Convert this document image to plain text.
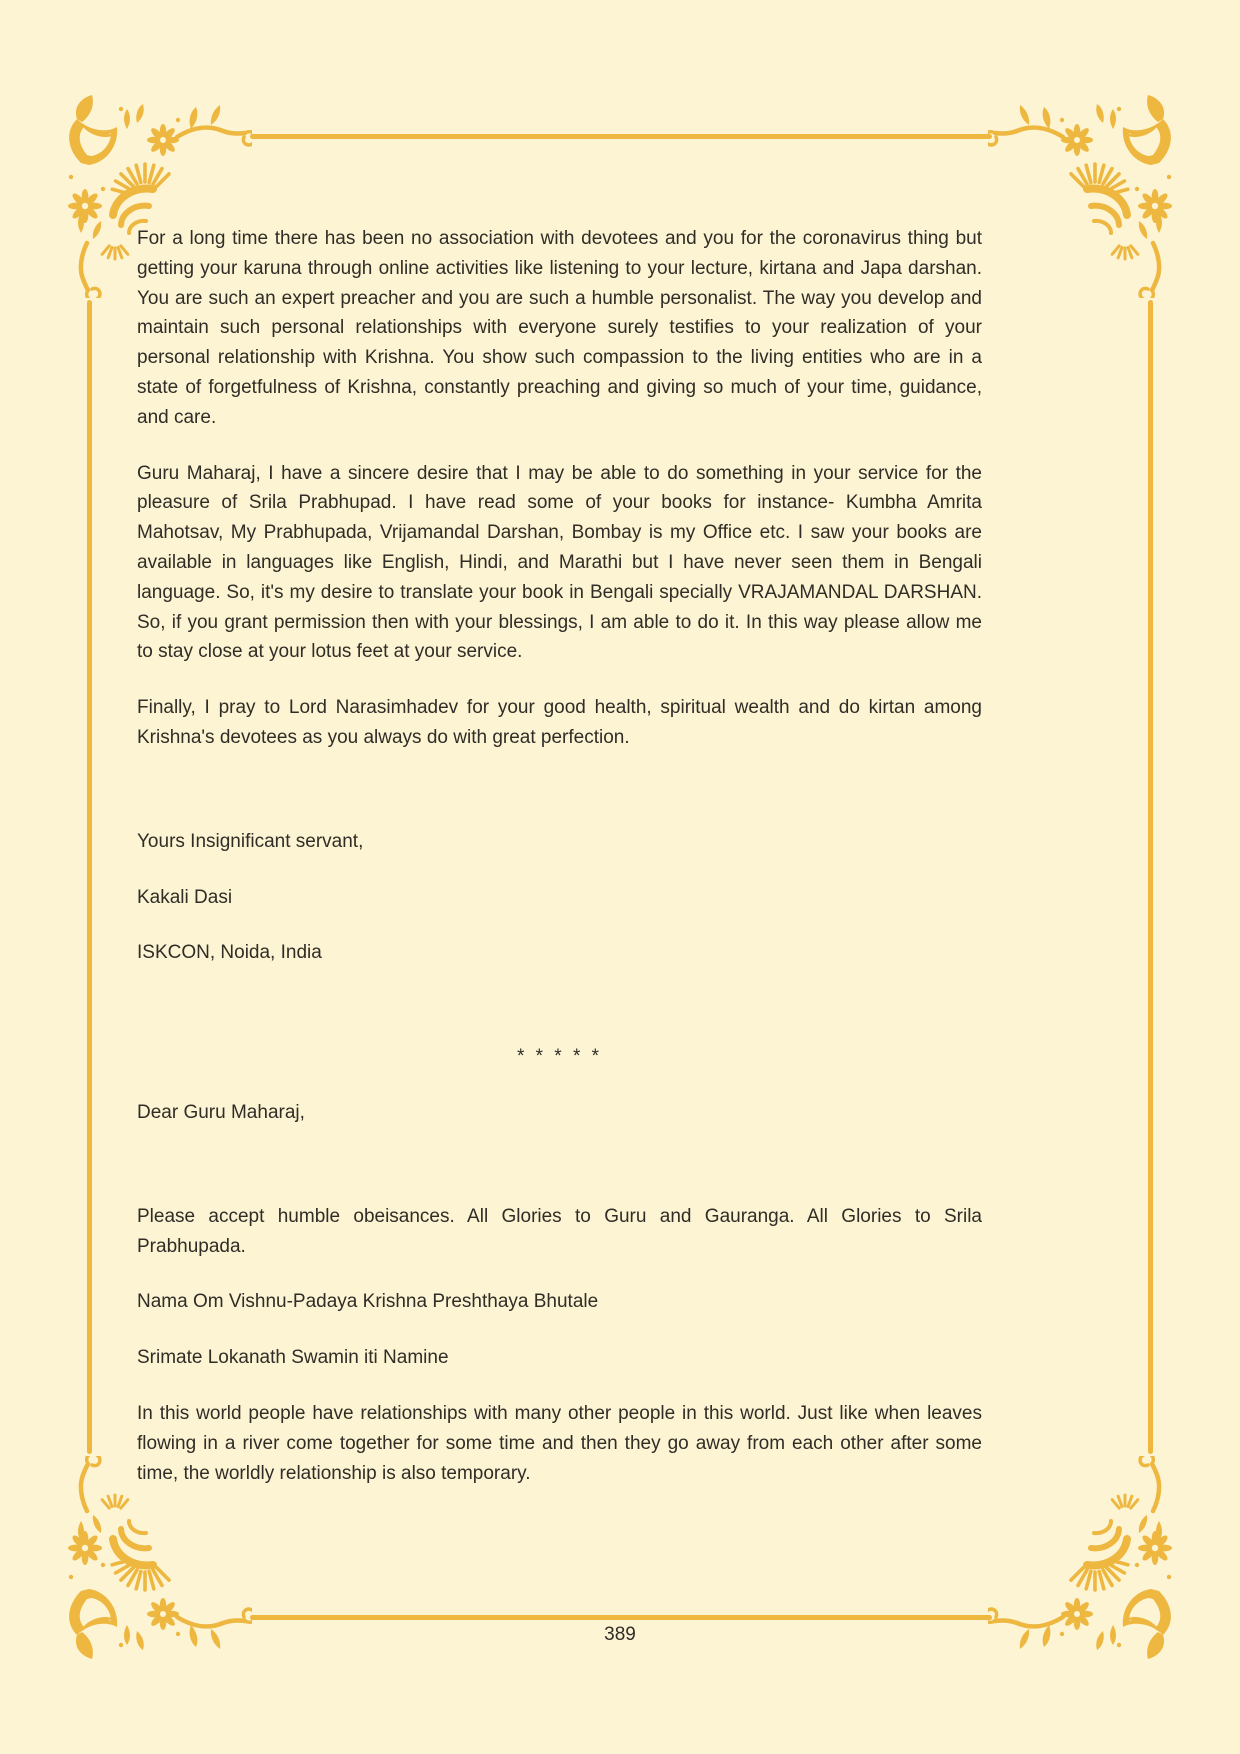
For a long time there has been no association with devotees and you for the coronavirus thing but getting your karuna through online activities like listening to your lecture, kirtana and Japa darshan. You are such an expert preacher and you are such a humble personalist. The way you develop and maintain such personal relationships with everyone surely testifies to your realization of your personal relationship with Krishna. You show such compassion to the living entities who are in a state of forgetfulness of Krishna, constantly preaching and giving so much of your time, guidance, and care.

Guru Maharaj, I have a sincere desire that I may be able to do something in your service for the pleasure of Srila Prabhupad. I have read some of your books for instance- Kumbha Amrita Mahotsav, My Prabhupada, Vrijamandal Darshan, Bombay is my Office etc. I saw your books are available in languages like English, Hindi, and Marathi but I have never seen them in Bengali language. So, it's my desire to translate your book in Bengali specially VRAJAMANDAL DARSHAN. So, if you grant permission then with your blessings, I am able to do it. In this way please allow me to stay close at your lotus feet at your service.

Finally, I pray to Lord Narasimhadev for your good health, spiritual wealth and do kirtan among Krishna's devotees as you always do with great perfection.

Yours Insignificant servant,

Kakali Dasi

ISKCON, Noida, India

* * * * *

Dear Guru Maharaj,

Please accept humble obeisances. All Glories to Guru and Gauranga. All Glories to Srila Prabhupada.

Nama Om Vishnu-Padaya Krishna Preshthaya Bhutale

Srimate Lokanath Swamin iti Namine

In this world people have relationships with many other people in this world. Just like when leaves flowing in a river come together for some time and then they go away from each other after some time, the worldly relationship is also temporary.

389
